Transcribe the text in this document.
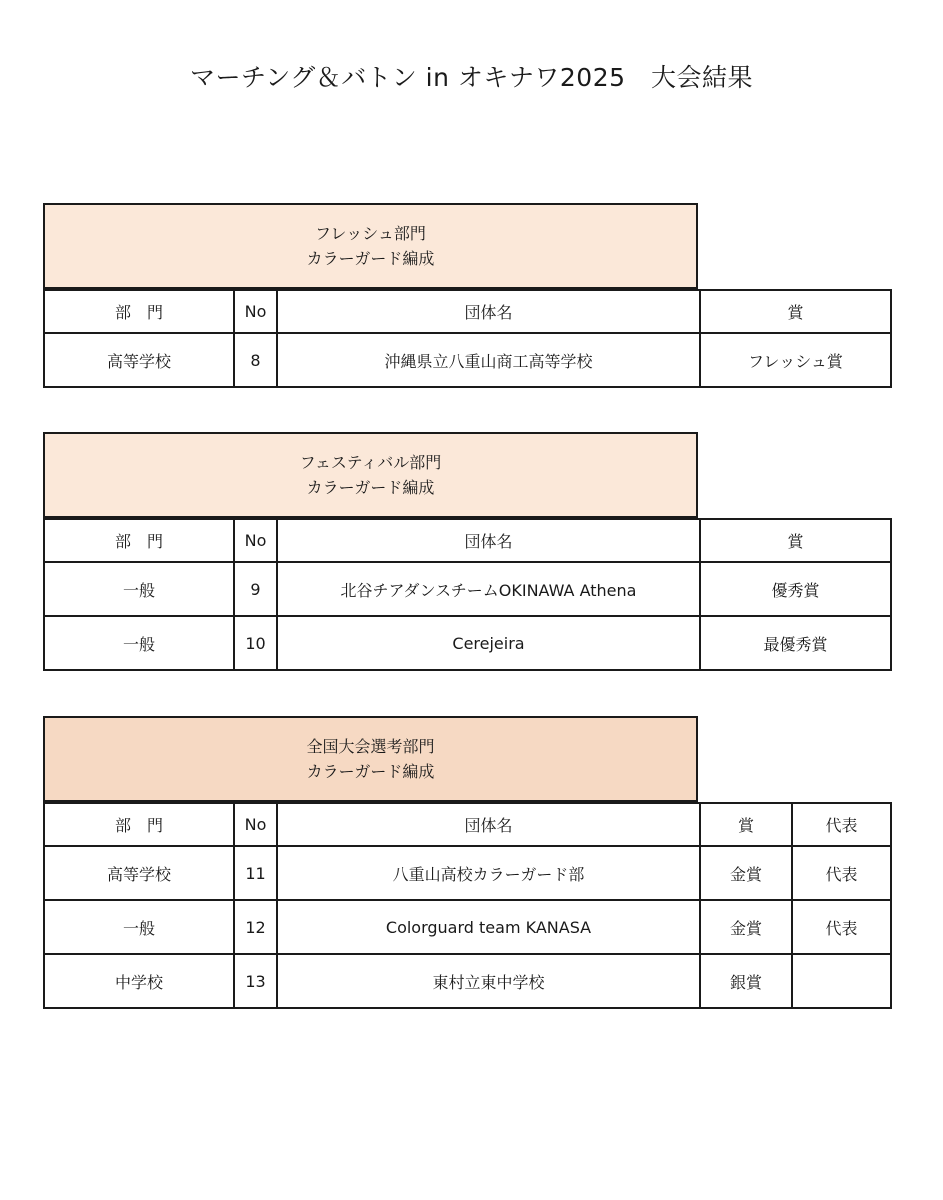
マーチング＆バトン in オキナワ2025　大会結果
フレッシュ部門
カラーガード編成
部　門	No	団体名	賞
高等学校	8	沖縄県立八重山商工高等学校	フレッシュ賞
フェスティバル部門
カラーガード編成
部　門	No	団体名	賞
一般	9	北谷チアダンスチームOKINAWA Athena	優秀賞
一般	10	Cerejeira	最優秀賞
全国大会選考部門
カラーガード編成
部　門	No	団体名	賞	代表
高等学校	11	八重山高校カラーガード部	金賞	代表
一般	12	Colorguard team KANASA	金賞	代表
中学校	13	東村立東中学校	銀賞	
